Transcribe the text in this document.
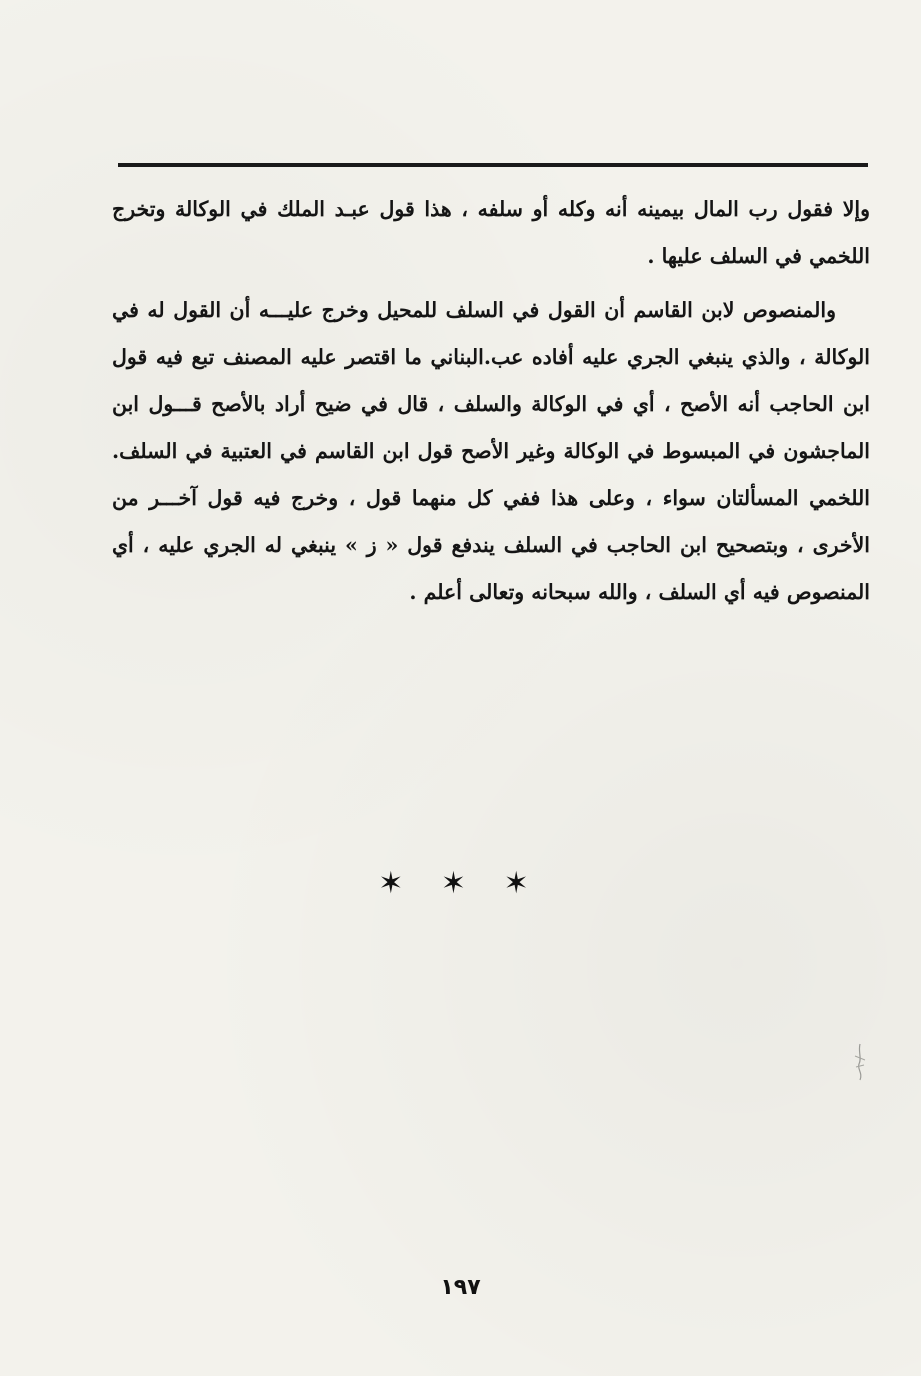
وإلا فقول رب المال بيمينه أنه وكله أو سلفه ، هذا قول عبـد الملك في الوكالة وتخرج اللخمي في السلف عليها .

والمنصوص لابن القاسم أن القول في السلف للمحيل وخرج عليـــه أن القول له في الوكالة ، والذي ينبغي الجري عليه أفاده عب.البناني ما اقتصر عليه المصنف تبع فيه قول ابن الحاجب أنه الأصح ، أي في الوكالة والسلف ، قال في ضيح أراد بالأصح قـــول ابن الماجشون في المبسوط في الوكالة وغير الأصح قول ابن القاسم في العتبية في السلف. اللخمي المسألتان سواء ، وعلى هذا ففي كل منهما قول ، وخرج فيه قول آخـــر من الأخرى ، وبتصحيح ابن الحاجب في السلف يندفع قول « ز » ينبغي له الجري عليه ، أي المنصوص فيه أي السلف ، والله سبحانه وتعالى أعلم .

✶ ✶ ✶
١٩٧
